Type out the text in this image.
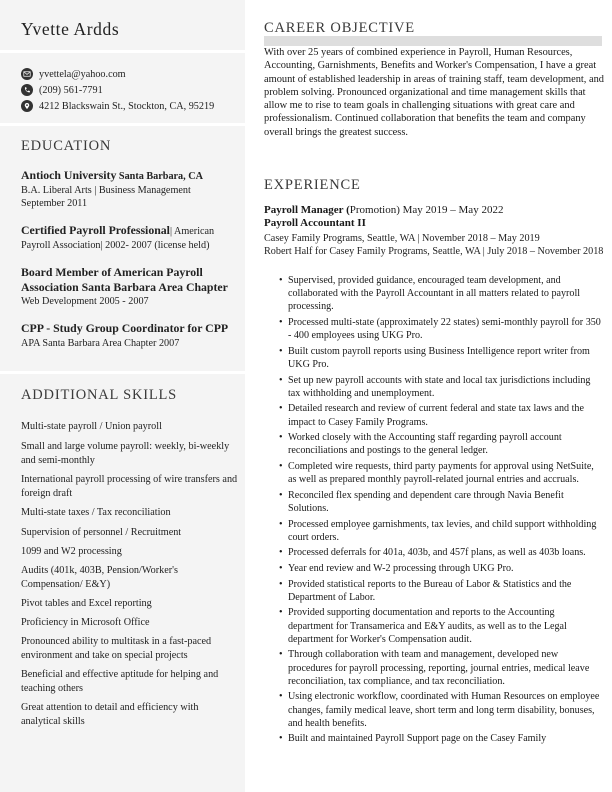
Yvette Ardds
yvettela@yahoo.com
(209) 561-7791
4212 Blackswain St., Stockton, CA, 95219
EDUCATION
Antioch University Santa Barbara, CA
B.A. Liberal Arts | Business Management
September 2011
Certified Payroll Professional| American Payroll Association| 2002- 2007 (license held)
Board Member of American Payroll Association Santa Barbara Area Chapter
Web Development 2005 - 2007
CPP - Study Group Coordinator for CPP
APA Santa Barbara Area Chapter 2007
ADDITIONAL SKILLS
Multi-state payroll / Union payroll
Small and large volume payroll: weekly, bi-weekly and semi-monthly
International payroll processing of wire transfers and foreign draft
Multi-state taxes / Tax reconciliation
Supervision of personnel / Recruitment
1099 and W2 processing
Audits (401k, 403B, Pension/Worker's Compensation/ E&Y)
Pivot tables and Excel reporting
Proficiency in Microsoft Office
Pronounced ability to multitask in a fast-paced environment and take on special projects
Beneficial and effective aptitude for helping and teaching others
Great attention to detail and efficiency with analytical skills
CAREER OBJECTIVE
With over 25 years of combined experience in Payroll, Human Resources, Accounting, Garnishments, Benefits and Worker's Compensation, I have a great amount of established leadership in areas of training staff, team development, and problem solving. Pronounced organizational and time management skills that allow me to rise to team goals in challenging situations with great care and professionalism. Continued collaboration that benefits the team and company overall brings the greatest success.
EXPERIENCE
Payroll Manager (Promotion) May 2019 – May 2022
Payroll Accountant II
Casey Family Programs, Seattle, WA | November 2018 – May 2019
Robert Half for Casey Family Programs, Seattle, WA | July 2018 – November 2018
• Supervised, provided guidance, encouraged team development, and collaborated with the Payroll Accountant in all matters related to payroll processing.
• Processed multi-state (approximately 22 states) semi-monthly payroll for 350 - 400 employees using UKG Pro.
• Built custom payroll reports using Business Intelligence report writer from UKG Pro.
• Set up new payroll accounts with state and local tax jurisdictions including tax withholding and unemployment.
• Detailed research and review of current federal and state tax laws and the impact to Casey Family Programs.
• Worked closely with the Accounting staff regarding payroll account reconciliations and postings to the general ledger.
• Completed wire requests, third party payments for approval using NetSuite, as well as prepared monthly payroll-related journal entries and accruals.
• Reconciled flex spending and dependent care through Navia Benefit Solutions.
• Processed employee garnishments, tax levies, and child support withholding court orders.
• Processed deferrals for 401a, 403b, and 457f plans, as well as 403b loans.
• Year end review and W-2 processing through UKG Pro.
• Provided statistical reports to the Bureau of Labor & Statistics and the Department of Labor.
• Provided supporting documentation and reports to the Accounting department for Transamerica and E&Y audits, as well as to the Legal department for Worker's Compensation audit.
• Through collaboration with team and management, developed new procedures for payroll processing, reporting, journal entries, medical leave reconciliation, tax compliance, and tax reconciliation.
• Using electronic workflow, coordinated with Human Resources on employee changes, family medical leave, short term and long term disability, bonuses, and health benefits.
• Built and maintained Payroll Support page on the Casey Family
